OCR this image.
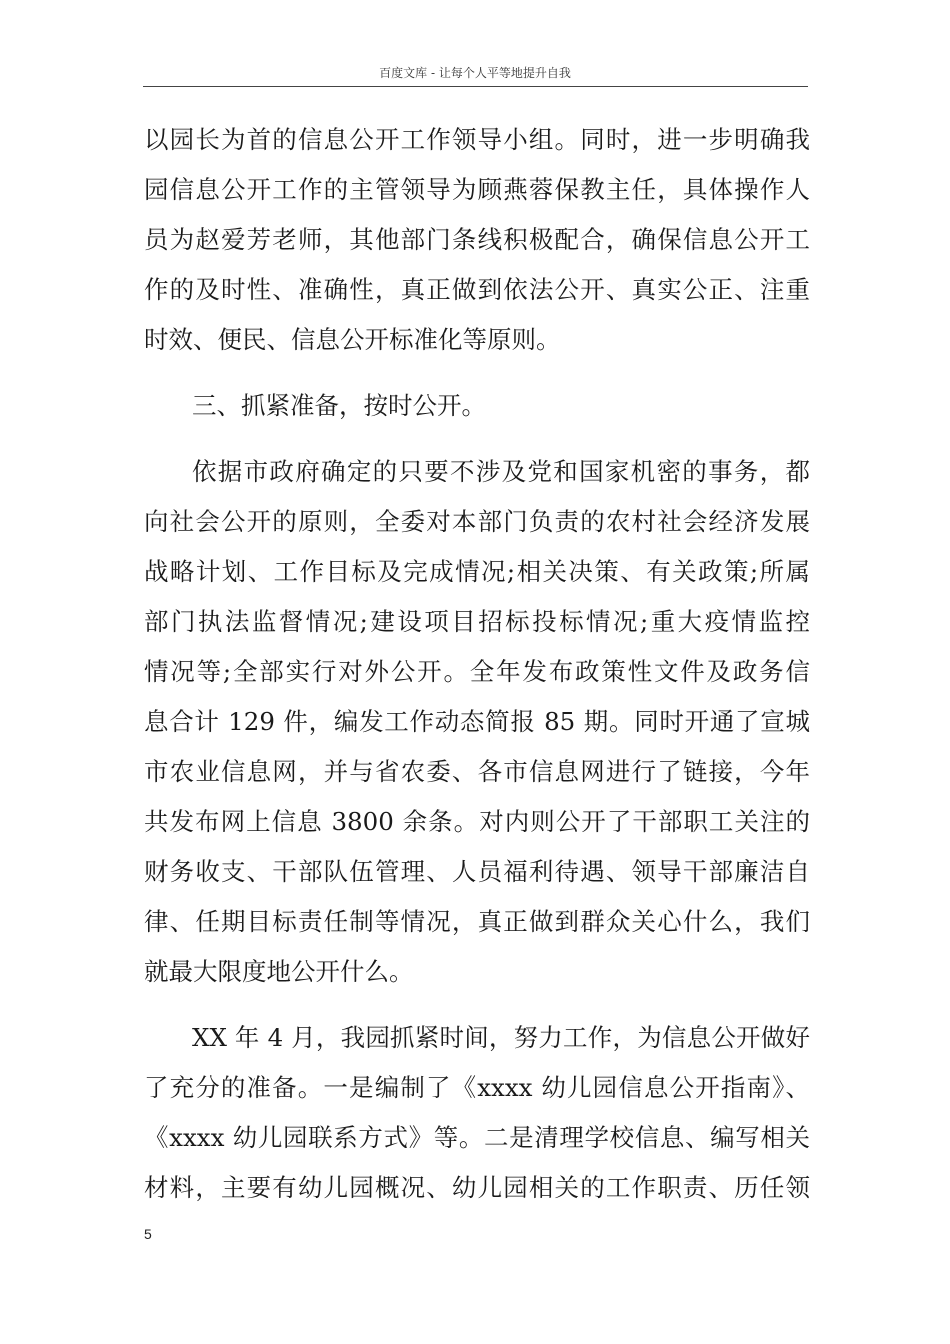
百度文库 - 让每个人平等地提升自我
以园长为首的信息公开工作领导小组。同时，进一步明确我
园信息公开工作的主管领导为顾燕蓉保教主任，具体操作人
员为赵爱芳老师，其他部门条线积极配合，确保信息公开工
作的及时性、准确性，真正做到依法公开、真实公正、注重
时效、便民、信息公开标准化等原则。
三、抓紧准备，按时公开。
依据市政府确定的只要不涉及党和国家机密的事务，都
向社会公开的原则，全委对本部门负责的农村社会经济发展
战略计划、工作目标及完成情况;相关决策、有关政策;所属
部门执法监督情况;建设项目招标投标情况;重大疫情监控
情况等;全部实行对外公开。全年发布政策性文件及政务信
息合计 129 件，编发工作动态简报 85 期。同时开通了宣城
市农业信息网，并与省农委、各市信息网进行了链接，今年
共发布网上信息 3800 余条。对内则公开了干部职工关注的
财务收支、干部队伍管理、人员福利待遇、领导干部廉洁自
律、任期目标责任制等情况，真正做到群众关心什么，我们
就最大限度地公开什么。
XX 年 4 月，我园抓紧时间，努力工作，为信息公开做好
了充分的准备。一是编制了《xxxx 幼儿园信息公开指南》、
《xxxx 幼儿园联系方式》等。二是清理学校信息、编写相关
材料，主要有幼儿园概况、幼儿园相关的工作职责、历任领
5
